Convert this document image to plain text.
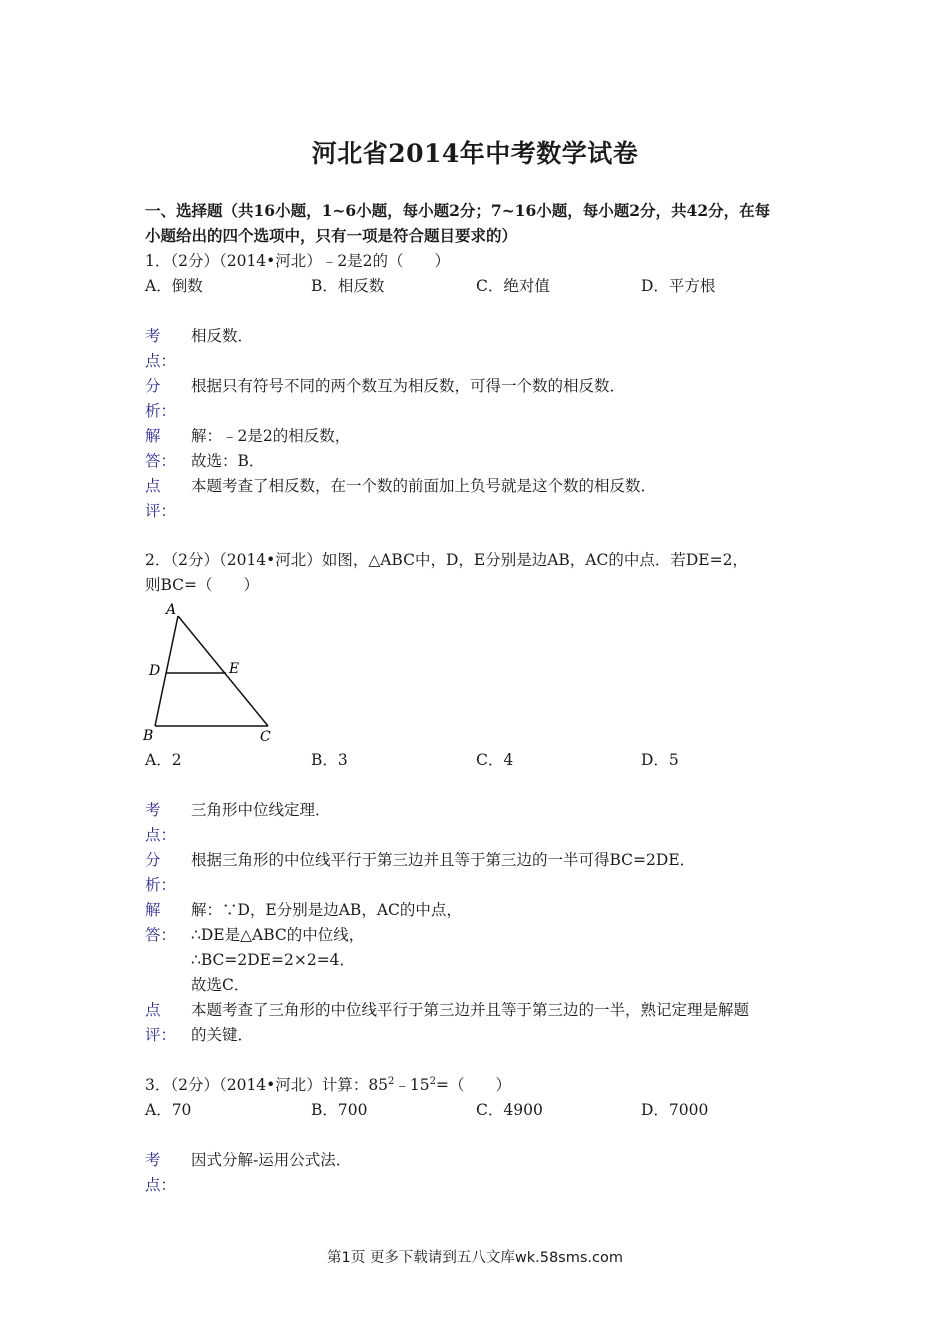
河北省2014年中考数学试卷
一、选择题（共16小题，1~6小题，每小题2分；7~16小题，每小题2分，共42分，在每
小题给出的四个选项中，只有一项是符合题目要求的）
1．（2分）（2014•河北）﹣2是2的（　　）
A．倒数	B．相反数	C．绝对值	D．平方根
考
点：
相反数．
分
析：
根据只有符号不同的两个数互为相反数，可得一个数的相反数．
解
答：
解：﹣2是2的相反数，
故选：B．
点
评：
本题考查了相反数，在一个数的前面加上负号就是这个数的相反数．
2．（2分）（2014•河北）如图，△ABC中，D，E分别是边AB，AC的中点．若DE=2，
则BC=（　　）
A
D	E
B	C
A．2	B．3	C．4	D．5
考
点：
三角形中位线定理．
分
析：
根据三角形的中位线平行于第三边并且等于第三边的一半可得BC=2DE．
解
答：
解：∵D，E分别是边AB，AC的中点，
∴DE是△ABC的中位线，
∴BC=2DE=2×2=4．
故选C．
点
评：
本题考查了三角形的中位线平行于第三边并且等于第三边的一半，熟记定理是解题
的关键．
3．（2分）（2014•河北）计算：$85^2﹣15^2=$（　　）
A．70	B．700	C．4900	D．7000
考
点：
因式分解-运用公式法．
第1页 更多下载请到五八文库wk.58sms.com
